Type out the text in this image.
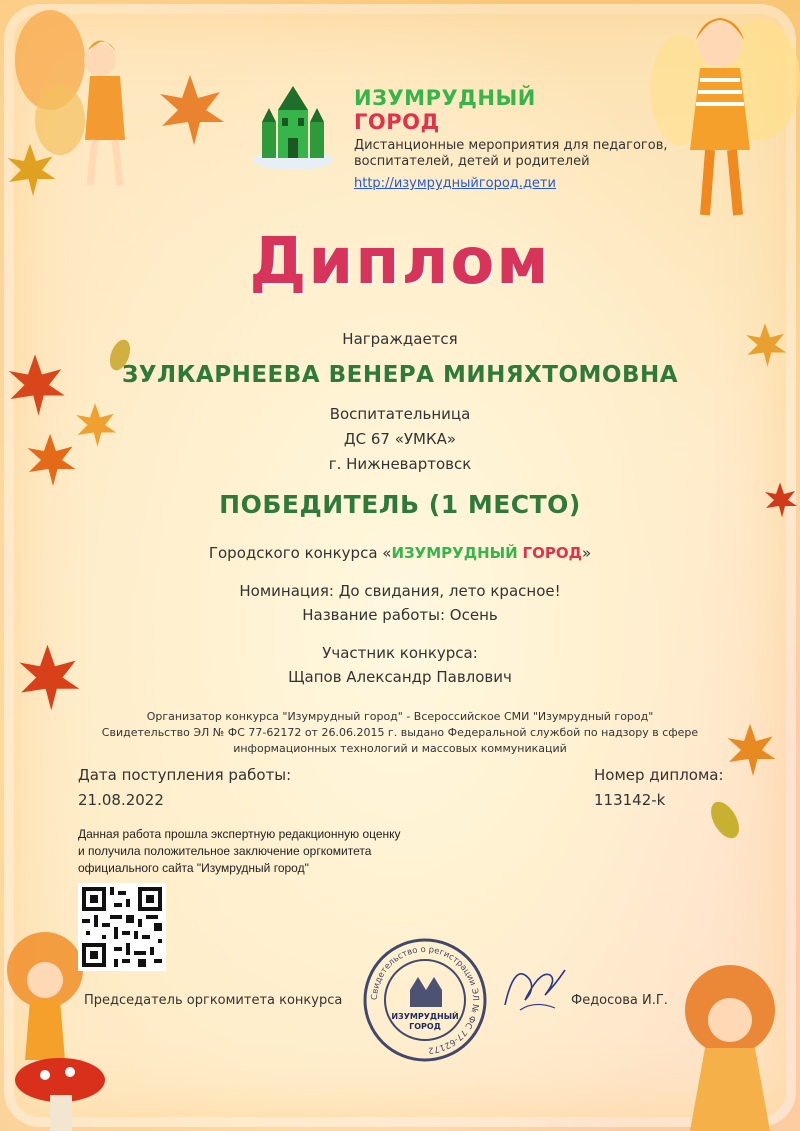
ИЗУМРУДНЫЙ
ГОРОД
Дистанционные мероприятия для педагогов,
воспитателей, детей и родителей
http://изумрудныйгород.дети
Диплом
Награждается
ЗУЛКАРНЕЕВА ВЕНЕРА МИНЯХТОМОВНА
Воспитательница
ДС 67 «УМКА»
г. Нижневартовск
ПОБЕДИТЕЛЬ (1 МЕСТО)
Городского конкурса «ИЗУМРУДНЫЙ ГОРОД»
Номинация: До свидания, лето красное!
Название работы: Осень
Участник конкурса:
Щапов Александр Павлович
Организатор конкурса "Изумрудный город" - Всероссийское СМИ "Изумрудный город"
Свидетельство ЭЛ № ФС 77-62172 от 26.06.2015 г. выдано Федеральной службой по надзору в сфере
информационных технологий и массовых коммуникаций
Дата поступления работы:
21.08.2022
Номер диплома:
113142-k
Данная работа прошла экспертную редакционную оценку
и получила положительное заключение оргкомитета
официального сайта "Изумрудный город"
Председатель оргкомитета конкурса	Свидетельство о регистрации ЭЛ № ФС 77-62172
ИЗУМРУДНЫЙ
ГОРОД
Федосова И.Г.
